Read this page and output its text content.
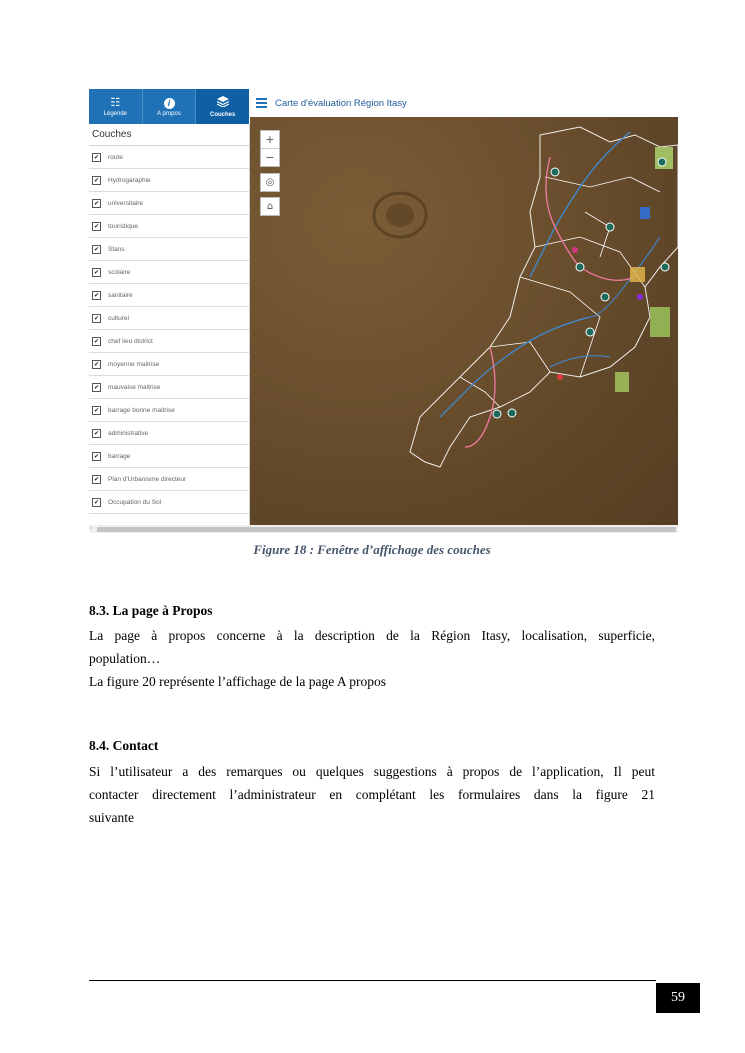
☷
Légende
i
A propos	Couches
Couches
✔	route
✔	Hydrogaraphie
✔	universitaire
✔	touristique
✔	Stans
✔	scolaire
✔	sanitaire
✔	culturel
✔	chef lieu district
✔	moyenne maitrise
✔	mauvaise maitrise
✔	barrage bonne maitrise
✔	administrative
✔	barrage
✔	Plan d'Urbanisme directeur
✔	Occupation du Sol
Carte d'évaluation Région Itasy
+
−
◎
⌂
‹
Figure 18 : Fenêtre d’affichage des couches
8.3. La page à Propos
La page à propos concerne à la description de la Région Itasy, localisation, superficie,
population…
La figure 20 représente l’affichage de la page A propos
8.4. Contact
Si l’utilisateur a des remarques ou quelques suggestions à propos de l’application, Il peut
contacter directement l’administrateur en complétant les formulaires dans la figure 21
suivante
59
